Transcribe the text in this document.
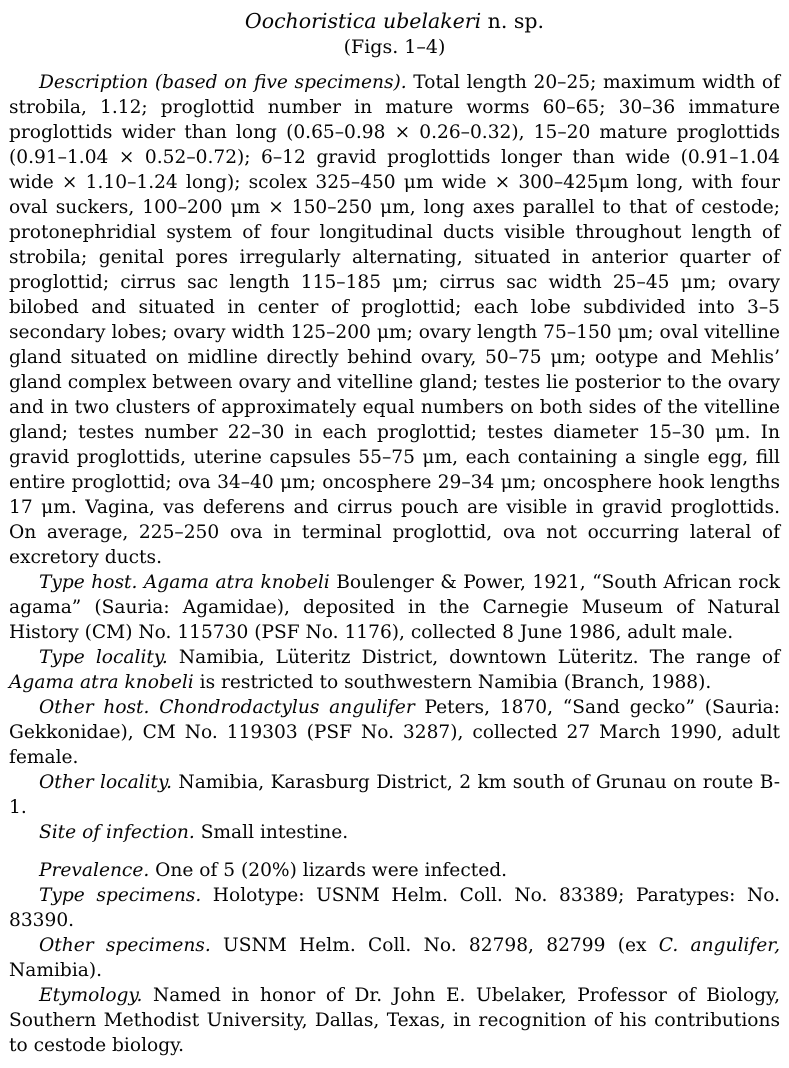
Oochoristica ubelakeri n. sp.
(Figs. 1–4)

Description (based on five specimens). Total length 20–25; maximum width of strobila, 1.12; proglottid number in mature worms 60–65; 30–36 immature proglottids wider than long (0.65–0.98 × 0.26–0.32), 15–20 mature proglottids (0.91–1.04 × 0.52–0.72); 6–12 gravid proglottids longer than wide (0.91–1.04 wide × 1.10–1.24 long); scolex 325–450 μm wide × 300–425μm long, with four oval suckers, 100–200 μm × 150–250 μm, long axes parallel to that of cestode; protonephridial system of four longitudinal ducts visible throughout length of strobila; genital pores irregularly alternating, situated in anterior quarter of proglottid; cirrus sac length 115–185 μm; cirrus sac width 25–45 μm; ovary bilobed and situated in center of proglottid; each lobe subdivided into 3–5 secondary lobes; ovary width 125–200 μm; ovary length 75–150 μm; oval vitelline gland situated on midline directly behind ovary, 50–75 μm; ootype and Mehlis’ gland complex between ovary and vitelline gland; testes lie posterior to the ovary and in two clusters of approximately equal numbers on both sides of the vitelline gland; testes number 22–30 in each proglottid; testes diameter 15–30 μm. In gravid proglottids, uterine capsules 55–75 μm, each containing a single egg, fill entire proglottid; ova 34–40 μm; oncosphere 29–34 μm; oncosphere hook lengths 17 μm. Vagina, vas deferens and cirrus pouch are visible in gravid proglottids. On average, 225–250 ova in terminal proglottid, ova not occurring lateral of excretory ducts.

Type host. Agama atra knobeli Boulenger & Power, 1921, “South African rock agama” (Sauria: Agamidae), deposited in the Carnegie Museum of Natural History (CM) No. 115730 (PSF No. 1176), collected 8 June 1986, adult male.

Type locality. Namibia, Lüteritz District, downtown Lüteritz. The range of Agama atra knobeli is restricted to southwestern Namibia (Branch, 1988).

Other host. Chondrodactylus angulifer Peters, 1870, “Sand gecko” (Sauria: Gekkonidae), CM No. 119303 (PSF No. 3287), collected 27 March 1990, adult female.

Other locality. Namibia, Karasburg District, 2 km south of Grunau on route B-1.

Site of infection. Small intestine.

Prevalence. One of 5 (20%) lizards were infected.

Type specimens. Holotype: USNM Helm. Coll. No. 83389; Paratypes: No. 83390.

Other specimens. USNM Helm. Coll. No. 82798, 82799 (ex C. angulifer, Namibia).

Etymology. Named in honor of Dr. John E. Ubelaker, Professor of Biology, Southern Methodist University, Dallas, Texas, in recognition of his contributions to cestode biology.
